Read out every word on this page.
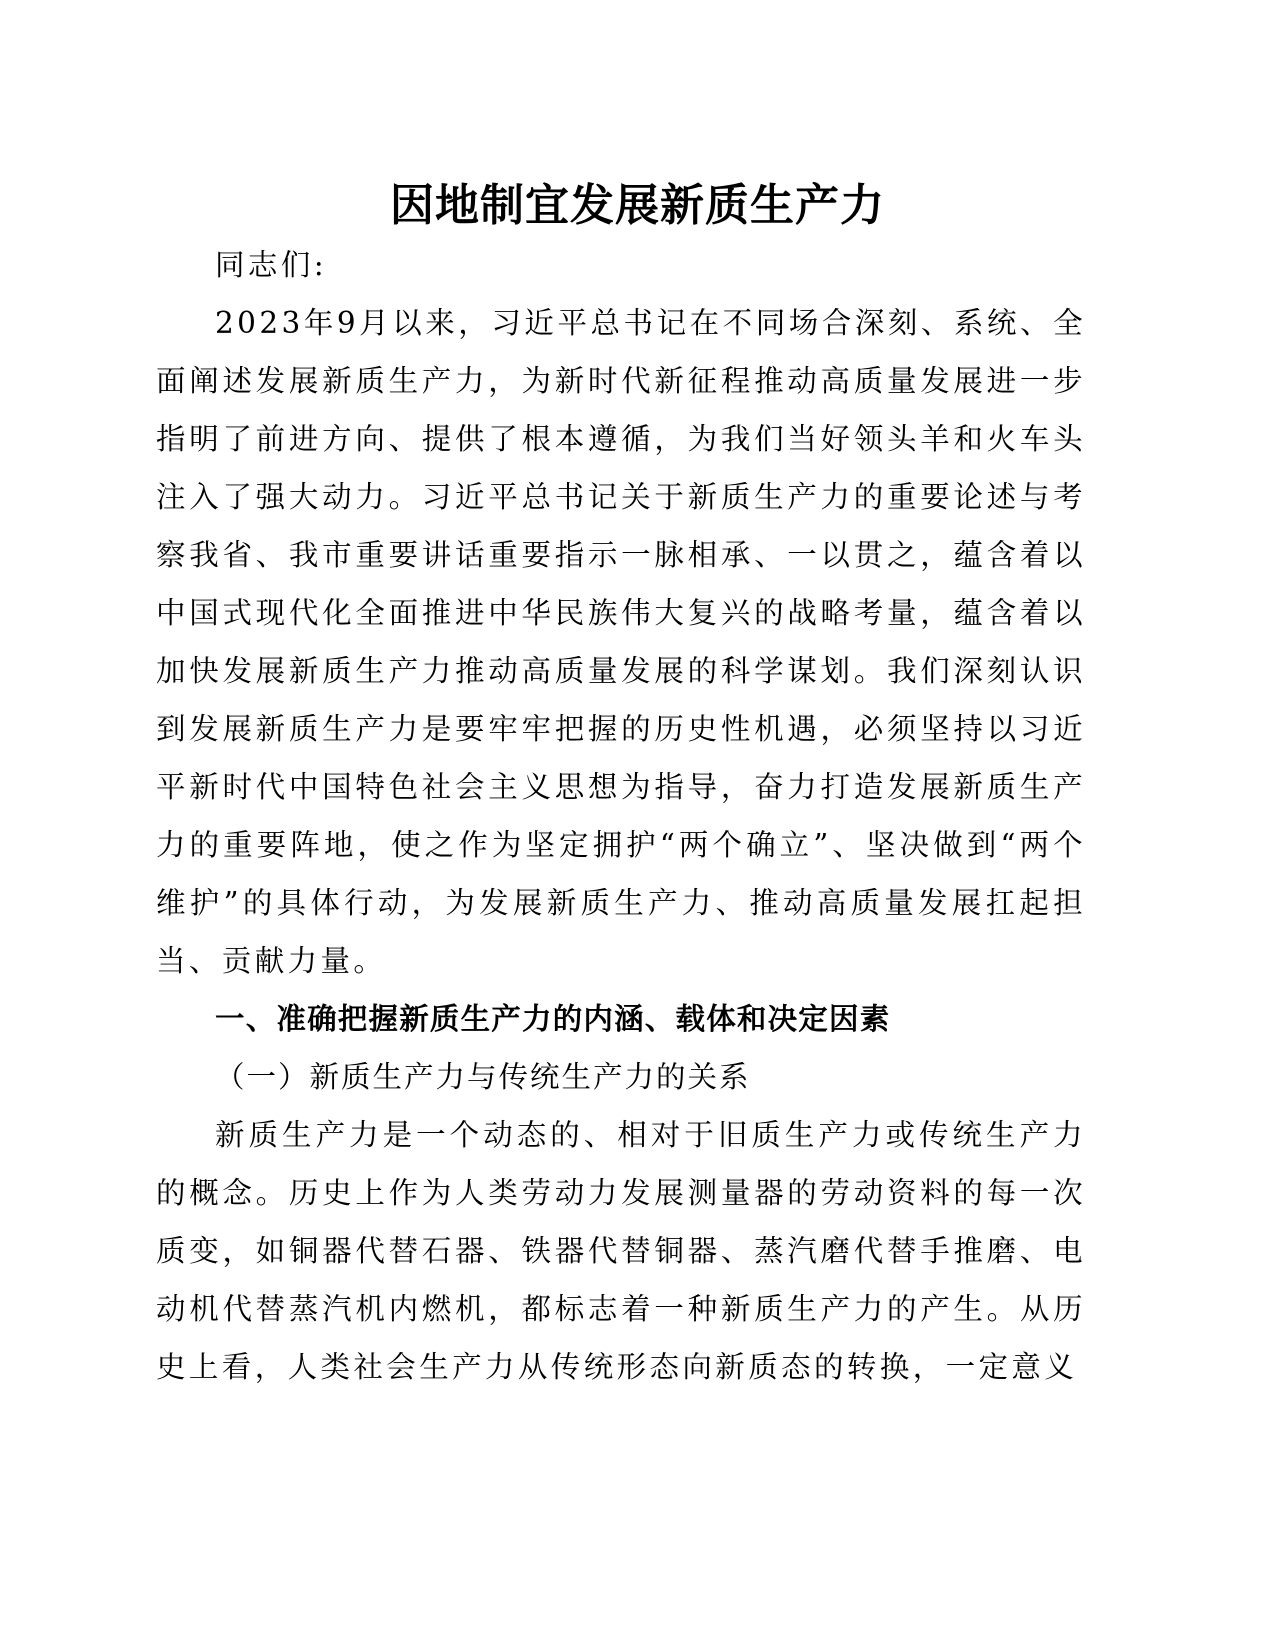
因地制宜发展新质生产力

同志们:

2023年9月以来，习近平总书记在不同场合深刻、系统、全面阐述发展新质生产力，为新时代新征程推动高质量发展进一步指明了前进方向、提供了根本遵循，为我们当好领头羊和火车头注入了强大动力。习近平总书记关于新质生产力的重要论述与考察我省、我市重要讲话重要指示一脉相承、一以贯之，蕴含着以中国式现代化全面推进中华民族伟大复兴的战略考量，蕴含着以加快发展新质生产力推动高质量发展的科学谋划。我们深刻认识到发展新质生产力是要牢牢把握的历史性机遇，必须坚持以习近平新时代中国特色社会主义思想为指导，奋力打造发展新质生产力的重要阵地，使之作为坚定拥护“两个确立”、坚决做到“两个维护”的具体行动，为发展新质生产力、推动高质量发展扛起担当、贡献力量。

一、准确把握新质生产力的内涵、载体和决定因素

（一）新质生产力与传统生产力的关系

新质生产力是一个动态的、相对于旧质生产力或传统生产力的概念。历史上作为人类劳动力发展测量器的劳动资料的每一次质变，如铜器代替石器、铁器代替铜器、蒸汽磨代替手推磨、电动机代替蒸汽机内燃机，都标志着一种新质生产力的产生。从历史上看，人类社会生产力从传统形态向新质态的转换，一定意义
